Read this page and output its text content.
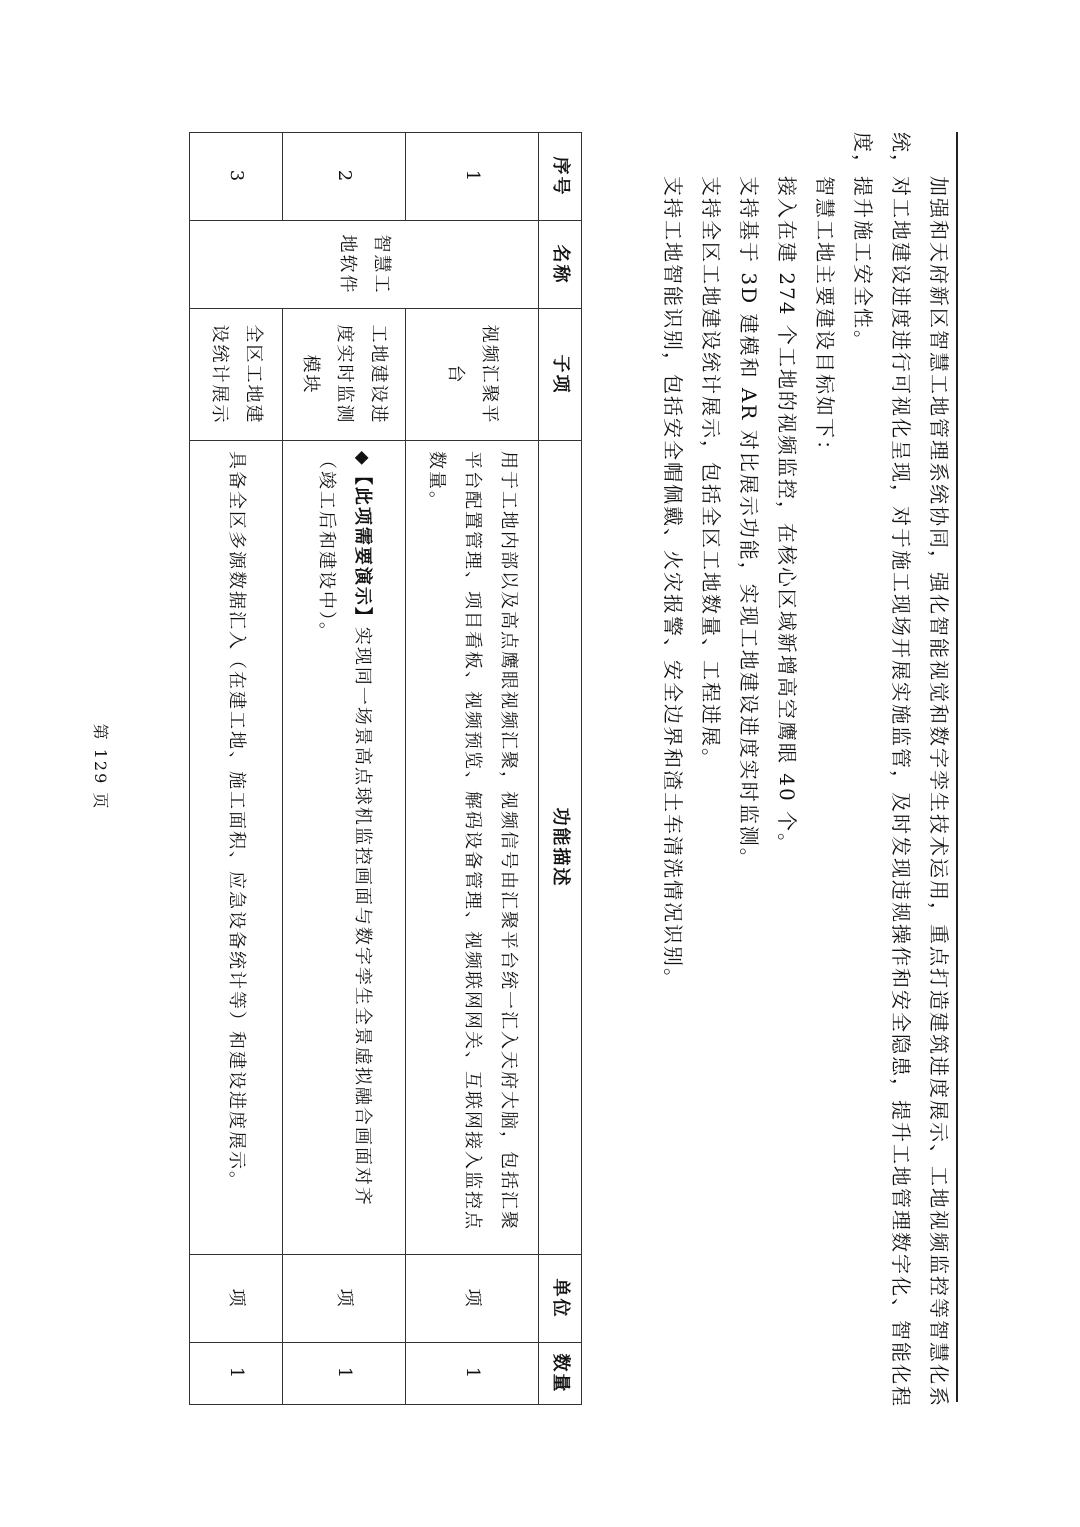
加强和天府新区智慧工地管理系统协同，强化智能视觉和数字孪生技术运用，重点打造建筑进度展示、工地视频监控等智慧化系
统，对工地建设进度进行可视化呈现，对于施工现场开展实施监管，及时发现违规操作和安全隐患，提升工地管理数字化、智能化程
度，提升施工安全性。
智慧工地主要建设目标如下：
接入在建 274 个工地的视频监控，在核心区域新增高空鹰眼 40 个。
支持基于 3D 建模和 AR 对比展示功能，实现工地建设进度实时监测。
支持全区工地建设统计展示，包括全区工地数量、工程进展。
支持工地智能识别，包括安全帽佩戴、火灾报警、安全边界和渣土车清洗情况识别。
序号	名称	子项	功能描述	单位	数量
1	智慧工地软件	视频汇聚平台	用于工地内部以及高点鹰眼视频汇聚，视频信号由汇聚平台统一汇入天府大脑，包括汇聚平台配置管理、项目看板、视频预览、解码设备管理、视频联网网关、互联网接入监控点数量。	项	1
2		工地建设进度实时监测模块	◆【此项需要演示】实现同一场景高点球机监控画面与数字孪生全景虚拟融合画面对齐（竣工后和建设中）。	项	1
3		全区工地建设统计展示	具备全区多源数据汇入（在建工地、施工面积、应急设备统计等）和建设进度展示。	项	1
第 129 页
